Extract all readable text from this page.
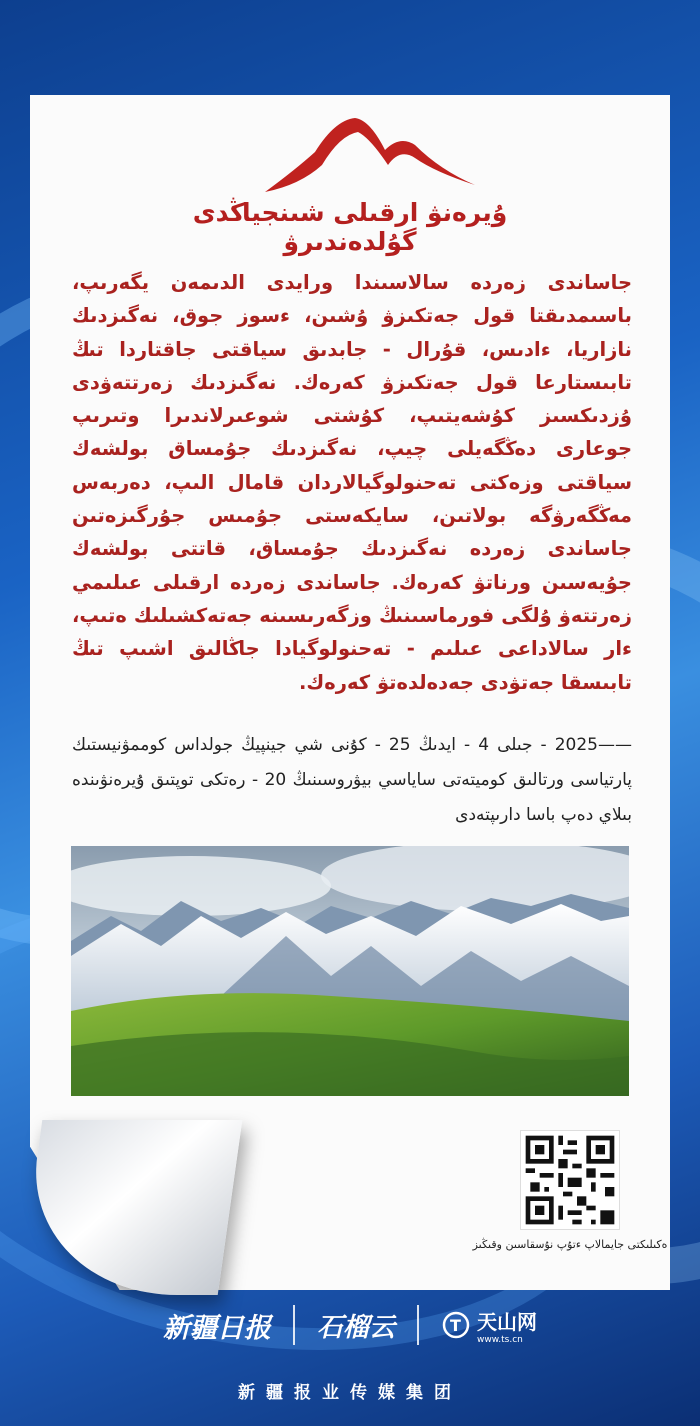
ۇيرەنۋ ارقىلى شىنجياڭدى گۇلدەندىرۋ
جاساندى زەردە سالاسىندا ورايدى الدىمەن يگەرىپ، باسىمدىقتا قول جەتكىزۋ ۇشىن، ءسوز جوق، نەگىزدىك نازاريا، ءادىس، قۇرال - جابدىق سياقتى جاقتاردا تىڭ تابىستارعا قول جەتكىزۋ كەرەك. نەگىزدىك زەرتتەۋدى ۇزدىكسىز كۇشەيتىپ، كۇشتى شوعىرلاندىرا وتىرىپ جوعارى دەڭگەيلى چيپ، نەگىزدىك جۇمساق بولشەك سياقتى وزەكتى تەحنولوگيالاردان قامال الىپ، دەربەس مەڭگەرۋگە بولاتىن، سايكەستى جۇمىس جۇرگىزەتىن جاساندى زەردە نەگىزدىك جۇمساق، قاتتى بولشەك جۇيەسىن ورناتۋ كەرەك. جاساندى زەردە ارقىلى عىلىمي زەرتتەۋ ۇلگى فورماسىنىڭ وزگەرىسىنە جەتەكشىلىك ەتىپ، ءار سالاداعى عىلىم - تەحنولوگيادا جاڭالىق اشىپ تىڭ تابىسقا جەتۋدى جەدەلدەتۋ كەرەك.
——2025 - جىلى 4 - ايدىڭ 25 - كۇنى شي جينپيڭ جولداس كوممۋنيستىك پارتياسى ورتالىق كوميتەتى ساياسي بيۋروسىنىڭ 20 - رەتكى توپتىق ۇيرەنۋىندە بىلاي دەپ باسا دارىپتەدى
ەكىلىكتى جايمالاپ ءتۇپ نۇسقاسىن وقىڭىز
新疆日报 石榴云	T 天山网
www.ts.cn
新疆报业传媒集团
